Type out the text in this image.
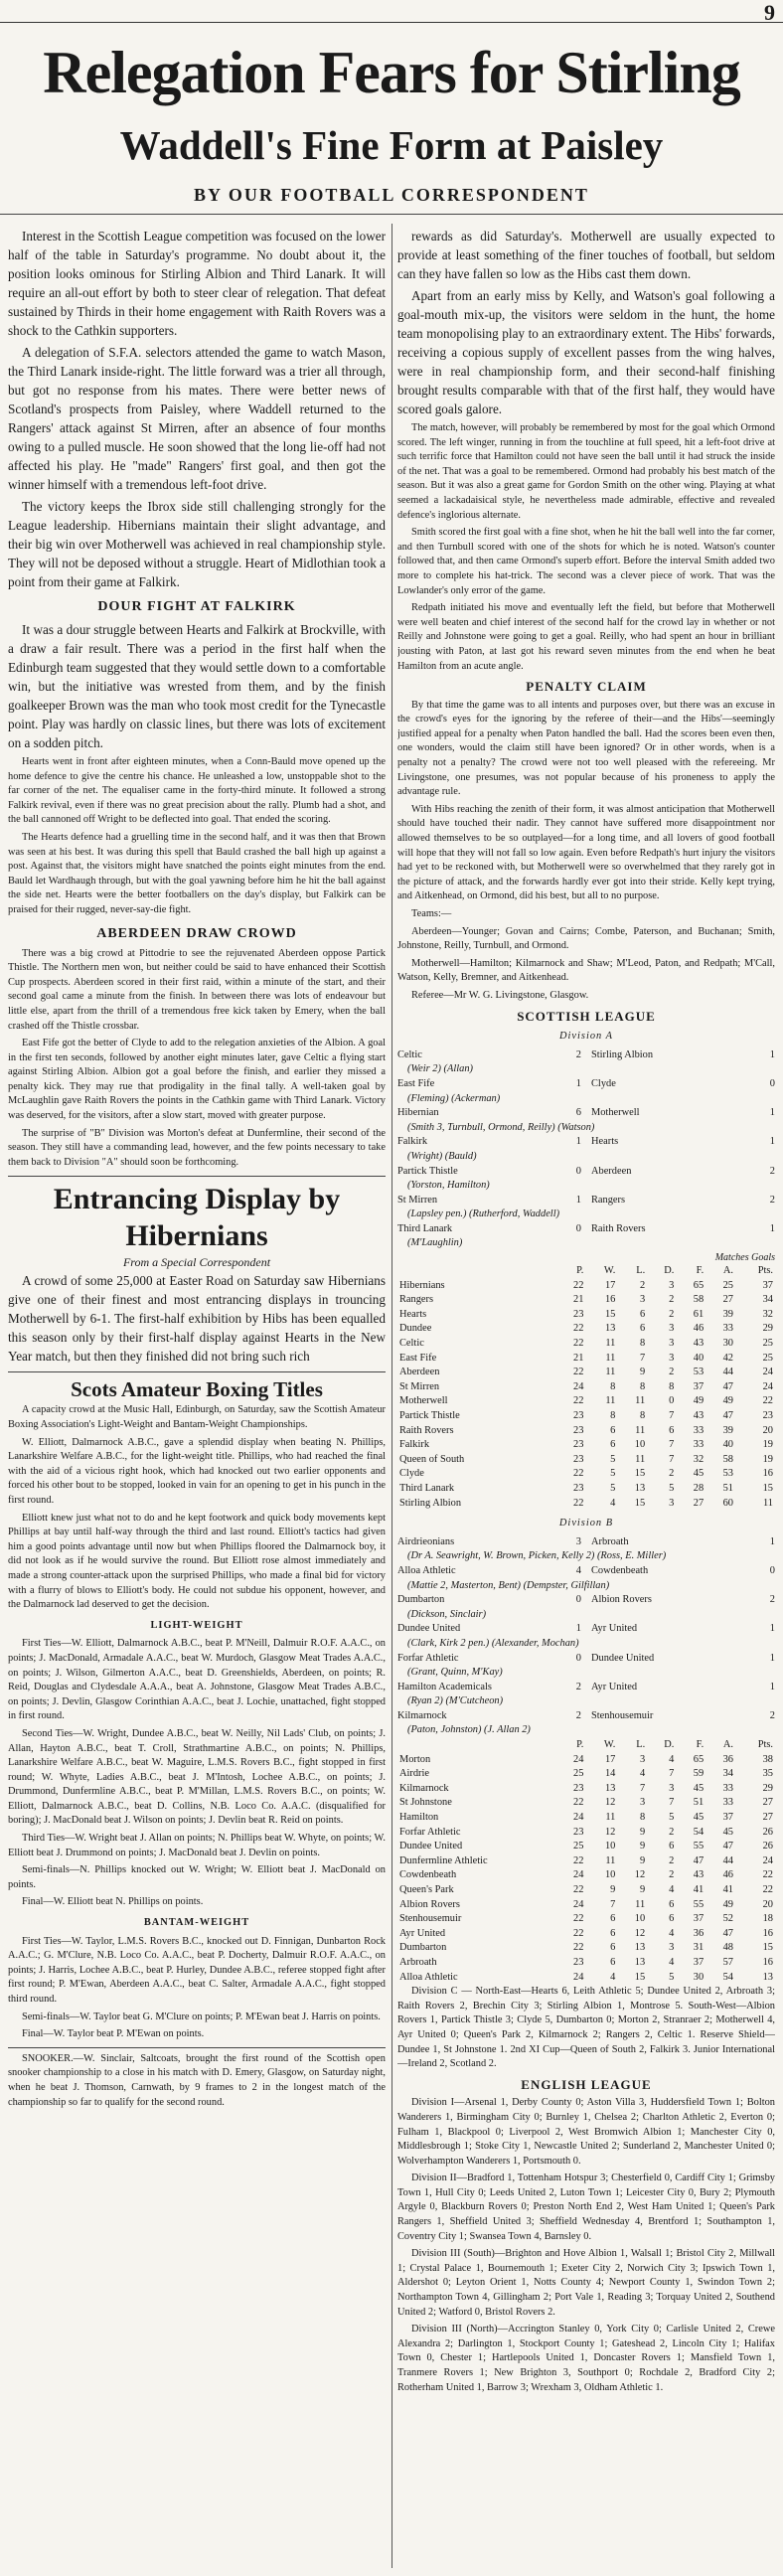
9
Relegation Fears for Stirling
Waddell's Fine Form at Paisley
BY OUR FOOTBALL CORRESPONDENT

Interest in the Scottish League competition was focused on the lower half of the table in Saturday's programme. No doubt about it, the position looks ominous for Stirling Albion and Third Lanark. It will require an all-out effort by both to steer clear of relegation. That defeat sustained by Thirds in their home engagement with Raith Rovers was a shock to the Cathkin supporters.

A delegation of S.F.A. selectors attended the game to watch Mason, the Third Lanark inside-right. The little forward was a trier all through, but got no response from his mates. There were better news of Scotland's prospects from Paisley, where Waddell returned to the Rangers' attack against St Mirren, after an absence of four months owing to a pulled muscle. He soon showed that the long lie-off had not affected his play. He "made" Rangers' first goal, and then got the winner himself with a tremendous left-foot drive.

The victory keeps the Ibrox side still challenging strongly for the League leadership. Hibernians maintain their slight advantage, and their big win over Motherwell was achieved in real championship style. They will not be deposed without a struggle. Heart of Midlothian took a point from their game at Falkirk.

DOUR FIGHT AT FALKIRK

It was a dour struggle between Hearts and Falkirk at Brockville, with a draw a fair result. There was a period in the first half when the Edinburgh team suggested that they would settle down to a comfortable win, but the initiative was wrested from them, and by the finish goalkeeper Brown was the man who took most credit for the Tynecastle point. Play was hardly on classic lines, but there was lots of excitement on a sodden pitch.

Hearts went in front after eighteen minutes, when a Conn-Bauld move opened up the home defence to give the centre his chance. He unleashed a low, unstoppable shot to the far corner of the net. The equaliser came in the forty-third minute. It followed a strong Falkirk revival, even if there was no great precision about the rally. Plumb had a shot, and the ball cannoned off Wright to be deflected into goal. That ended the scoring.

The Hearts defence had a gruelling time in the second half, and it was then that Brown was seen at his best. It was during this spell that Bauld crashed the ball high up against a post. Against that, the visitors might have snatched the points eight minutes from the end. Bauld let Wardhaugh through, but with the goal yawning before him he hit the ball against the side net. Hearts were the better footballers on the day's display, but Falkirk can be praised for their rugged, never-say-die fight.

ABERDEEN DRAW CROWD

There was a big crowd at Pittodrie to see the rejuvenated Aberdeen oppose Partick Thistle. The Northern men won, but neither could be said to have enhanced their Scottish Cup prospects. Aberdeen scored in their first raid, within a minute of the start, and their second goal came a minute from the finish. In between there was lots of endeavour but little else, apart from the thrill of a tremendous free kick taken by Emery, when the ball crashed off the Thistle crossbar.

East Fife got the better of Clyde to add to the relegation anxieties of the Albion. A goal in the first ten seconds, followed by another eight minutes later, gave Celtic a flying start against Stirling Albion. Albion got a goal before the finish, and earlier they missed a penalty kick. They may rue that prodigality in the final tally. A well-taken goal by McLaughlin gave Raith Rovers the points in the Cathkin game with Third Lanark. Victory was deserved, for the visitors, after a slow start, moved with greater purpose.

The surprise of "B" Division was Morton's defeat at Dunfermline, their second of the season. They still have a commanding lead, however, and the few points necessary to take them back to Division "A" should soon be forthcoming.

Entrancing Display by Hibernians
From a Special Correspondent

A crowd of some 25,000 at Easter Road on Saturday saw Hibernians give one of their finest and most entrancing displays in trouncing Motherwell by 6-1. The first-half exhibition by Hibs has been equalled this season only by their first-half display against Hearts in the New Year match, but then they finished did not bring such rich

Scots Amateur Boxing Titles

A capacity crowd at the Music Hall, Edinburgh, on Saturday, saw the Scottish Amateur Boxing Association's Light-Weight and Bantam-Weight Championships.

W. Elliott, Dalmarnock A.B.C., gave a splendid display when beating N. Phillips, Lanarkshire Welfare A.B.C., for the light-weight title. Phillips, who had reached the final with the aid of a vicious right hook, which had knocked out two earlier opponents and forced his other bout to be stopped, looked in vain for an opening to get in his punch in the first round.

Elliott knew just what not to do and he kept footwork and quick body movements kept Phillips at bay until half-way through the third and last round. Elliott's tactics had given him a good points advantage until now but when Phillips floored the Dalmarnock boy, it did not look as if he would survive the round. But Elliott rose almost immediately and made a strong counter-attack upon the surprised Phillips, who made a final bid for victory with a flurry of blows to Elliott's body. He could not subdue his opponent, however, and the Dalmarnock lad deserved to get the decision.

LIGHT-WEIGHT

First Ties—W. Elliott, Dalmarnock A.B.C., beat P. M'Neill, Dalmuir R.O.F. A.A.C., on points; J. MacDonald, Armadale A.A.C., beat W. Murdoch, Glasgow Meat Trades A.A.C., on points; J. Wilson, Gilmerton A.A.C., beat D. Greenshields, Aberdeen, on points; R. Reid, Douglas and Clydesdale A.A.A., beat A. Johnstone, Glasgow Meat Trades A.B.C., on points; J. Devlin, Glasgow Corinthian A.A.C., beat J. Lochie, unattached, fight stopped in first round.

Second Ties—W. Wright, Dundee A.B.C., beat W. Neilly, Nil Lads' Club, on points; J. Allan, Hayton A.B.C., beat T. Croll, Strathmartine A.B.C., on points; N. Phillips, Lanarkshire Welfare A.B.C., beat W. Maguire, L.M.S. Rovers B.C., fight stopped in first round; W. Whyte, Ladies A.B.C., beat J. M'Intosh, Lochee A.B.C., on points; J. Drummond, Dunfermline A.B.C., beat P. M'Millan, L.M.S. Rovers B.C., on points; W. Elliott, Dalmarnock A.B.C., beat D. Collins, N.B. Loco Co. A.A.C. (disqualified for boring); J. MacDonald beat J. Wilson on points; J. Devlin beat R. Reid on points.

Third Ties—W. Wright beat J. Allan on points; N. Phillips beat W. Whyte, on points; W. Elliott beat J. Drummond on points; J. MacDonald beat J. Devlin on points.

Semi-finals—N. Phillips knocked out W. Wright; W. Elliott beat J. MacDonald on points.

Final—W. Elliott beat N. Phillips on points.

BANTAM-WEIGHT

First Ties—W. Taylor, L.M.S. Rovers B.C., knocked out D. Finnigan, Dunbarton Rock A.A.C.; G. M'Clure, N.B. Loco Co. A.A.C., beat P. Docherty, Dalmuir R.O.F. A.A.C., on points; J. Harris, Lochee A.B.C., beat P. Hurley, Dundee A.B.C., referee stopped fight after first round; P. M'Ewan, Aberdeen A.A.C., beat C. Salter, Armadale A.A.C., fight stopped third round.

Semi-finals—W. Taylor beat G. M'Clure on points; P. M'Ewan beat J. Harris on points.

Final—W. Taylor beat P. M'Ewan on points.

SNOOKER.—W. Sinclair, Saltcoats, brought the first round of the Scottish open snooker championship to a close in his match with D. Emery, Glasgow, on Saturday night, when he beat J. Thomson, Carnwath, by 9 frames to 2 in the longest match of the championship so far to qualify for the second round.

rewards as did Saturday's. Motherwell are usually expected to provide at least something of the finer touches of football, but seldom can they have fallen so low as the Hibs cast them down.

Apart from an early miss by Kelly, and Watson's goal following a goal-mouth mix-up, the visitors were seldom in the hunt, the home team monopolising play to an extraordinary extent. The Hibs' forwards, receiving a copious supply of excellent passes from the wing halves, were in real championship form, and their second-half finishing brought results comparable with that of the first half, they would have scored goals galore.

The match, however, will probably be remembered by most for the goal which Ormond scored. The left winger, running in from the touchline at full speed, hit a left-foot drive at such terrific force that Hamilton could not have seen the ball until it had struck the inside of the net. That was a goal to be remembered. Ormond had probably his best match of the season. But it was also a great game for Gordon Smith on the other wing. Playing at what seemed a lackadaisical style, he nevertheless made admirable, effective and revealed defence's inglorious alternate.

Smith scored the first goal with a fine shot, when he hit the ball well into the far corner, and then Turnbull scored with one of the shots for which he is noted. Watson's counter followed that, and then came Ormond's superb effort. Before the interval Smith added two more to complete his hat-trick. The second was a clever piece of work. That was the Lowlander's only error of the game.

Redpath initiated his move and eventually left the field, but before that Motherwell were well beaten and chief interest of the second half for the crowd lay in whether or not Reilly and Johnstone were going to get a goal. Reilly, who had spent an hour in brilliant jousting with Paton, at last got his reward seven minutes from the end when he beat Hamilton from an acute angle.

PENALTY CLAIM

By that time the game was to all intents and purposes over, but there was an excuse in the crowd's eyes for the ignoring by the referee of their—and the Hibs'—seemingly justified appeal for a penalty when Paton handled the ball. Had the scores been even then, one wonders, would the claim still have been ignored? Or in other words, when is a penalty not a penalty? The crowd were not too well pleased with the refereeing. Mr Livingstone, one presumes, was not popular because of his proneness to apply the advantage rule.

With Hibs reaching the zenith of their form, it was almost anticipation that Motherwell should have touched their nadir. They cannot have suffered more disappointment nor allowed themselves to be so outplayed—for a long time, and all lovers of good football will hope that they will not fall so low again. Even before Redpath's hurt injury the visitors had yet to be reckoned with, but Motherwell were so overwhelmed that they rarely got in the picture of attack, and the forwards hardly ever got into their stride. Kelly kept trying, and Aitkenhead, on Ormond, did his best, but all to no purpose.

Teams:—

Aberdeen—Younger; Govan and Cairns; Combe, Paterson, and Buchanan; Smith, Johnstone, Reilly, Turnbull, and Ormond.

Motherwell—Hamilton; Kilmarnock and Shaw; M'Leod, Paton, and Redpath; M'Call, Watson, Kelly, Bremner, and Aitkenhead.

Referee—Mr W. G. Livingstone, Glasgow.

SCOTTISH LEAGUE
Division A
Celtic	2 Stirling Albion	1
(Weir 2) (Allan)
East Fife	1 Clyde	0
(Fleming) (Ackerman)
Hibernian	6 Motherwell	1
(Smith 3, Turnbull, Ormond, Reilly) (Watson)
Falkirk	1 Hearts	1
(Wright) (Bauld)
Partick Thistle	0 Aberdeen	2
(Yorston, Hamilton)
St Mirren	1 Rangers	2
(Lapsley pen.) (Rutherford, Waddell)
Third Lanark	0 Raith Rovers	1
(M'Laughlin)
Matches Goals
	P.	W.	L.	D.	F.	A.	Pts.
Hibernians	22	17	2	3	65	25	37
Rangers	21	16	3	2	58	27	34
Hearts	23	15	6	2	61	39	32
Dundee	22	13	6	3	46	33	29
Celtic	22	11	8	3	43	30	25
East Fife	21	11	7	3	40	42	25
Aberdeen	22	11	9	2	53	44	24
St Mirren	24	8	8	8	37	47	24
Motherwell	22	11	11	0	49	49	22
Partick Thistle	23	8	8	7	43	47	23
Raith Rovers	23	6	11	6	33	39	20
Falkirk	23	6	10	7	33	40	19
Queen of South	23	5	11	7	32	58	19
Clyde	22	5	15	2	45	53	16
Third Lanark	23	5	13	5	28	51	15
Stirling Albion	22	4	15	3	27	60	11
Division B
Airdrieonians	3 Arbroath	1
(Dr A. Seawright, W. Brown, Picken, Kelly 2) (Ross, E. Miller)
Alloa Athletic	4 Cowdenbeath	0
(Mattie 2, Masterton, Bent) (Dempster, Gilfillan)
Dumbarton	0 Albion Rovers	2
(Dickson, Sinclair)
Dundee United	1 Ayr United	1
(Clark, Kirk 2 pen.) (Alexander, Mochan)
Forfar Athletic	0 Dundee United	1
(Grant, Quinn, M'Kay)
Hamilton Academicals	2 Ayr United	1
(Ryan 2) (M'Cutcheon)
Kilmarnock	2 Stenhousemuir	2
(Paton, Johnston) (J. Allan 2)
	P.	W.	L.	D.	F.	A.	Pts.
Morton	24	17	3	4	65	36	38
Airdrie	25	14	4	7	59	34	35
Kilmarnock	23	13	7	3	45	33	29
St Johnstone	22	12	3	7	51	33	27
Hamilton	24	11	8	5	45	37	27
Forfar Athletic	23	12	9	2	54	45	26
Dundee United	25	10	9	6	55	47	26
Dunfermline Athletic	22	11	9	2	47	44	24
Cowdenbeath	24	10	12	2	43	46	22
Queen's Park	22	9	9	4	41	41	22
Albion Rovers	24	7	11	6	55	49	20
Stenhousemuir	22	6	10	6	37	52	18
Ayr United	22	6	12	4	36	47	16
Dumbarton	22	6	13	3	31	48	15
Arbroath	23	6	13	4	37	57	16
Alloa Athletic	24	4	15	5	30	54	13

Division C — North-East—Hearts 6, Leith Athletic 5; Dundee United 2, Arbroath 3; Raith Rovers 2, Brechin City 3; Stirling Albion 1, Montrose 5. South-West—Albion Rovers 1, Partick Thistle 3; Clyde 5, Dumbarton 0; Morton 2, Stranraer 2; Motherwell 4, Ayr United 0; Queen's Park 2, Kilmarnock 2; Rangers 2, Celtic 1. Reserve Shield—Dundee 1, St Johnstone 1. 2nd XI Cup—Queen of South 2, Falkirk 3. Junior International—Ireland 2, Scotland 2.

ENGLISH LEAGUE

Division I—Arsenal 1, Derby County 0; Aston Villa 3, Huddersfield Town 1; Bolton Wanderers 1, Birmingham City 0; Burnley 1, Chelsea 2; Charlton Athletic 2, Everton 0; Fulham 1, Blackpool 0; Liverpool 2, West Bromwich Albion 1; Manchester City 0, Middlesbrough 1; Stoke City 1, Newcastle United 2; Sunderland 2, Manchester United 0; Wolverhampton Wanderers 1, Portsmouth 0.

Division II—Bradford 1, Tottenham Hotspur 3; Chesterfield 0, Cardiff City 1; Grimsby Town 1, Hull City 0; Leeds United 2, Luton Town 1; Leicester City 0, Bury 2; Plymouth Argyle 0, Blackburn Rovers 0; Preston North End 2, West Ham United 1; Queen's Park Rangers 1, Sheffield United 3; Sheffield Wednesday 4, Brentford 1; Southampton 1, Coventry City 1; Swansea Town 4, Barnsley 0.

Division III (South)—Brighton and Hove Albion 1, Walsall 1; Bristol City 2, Millwall 1; Crystal Palace 1, Bournemouth 1; Exeter City 2, Norwich City 3; Ipswich Town 1, Aldershot 0; Leyton Orient 1, Notts County 4; Newport County 1, Swindon Town 2; Northampton Town 4, Gillingham 2; Port Vale 1, Reading 3; Torquay United 2, Southend United 2; Watford 0, Bristol Rovers 2.

Division III (North)—Accrington Stanley 0, York City 0; Carlisle United 2, Crewe Alexandra 2; Darlington 1, Stockport County 1; Gateshead 2, Lincoln City 1; Halifax Town 0, Chester 1; Hartlepools United 1, Doncaster Rovers 1; Mansfield Town 1, Tranmere Rovers 1; New Brighton 3, Southport 0; Rochdale 2, Bradford City 2; Rotherham United 1, Barrow 3; Wrexham 3, Oldham Athletic 1.
